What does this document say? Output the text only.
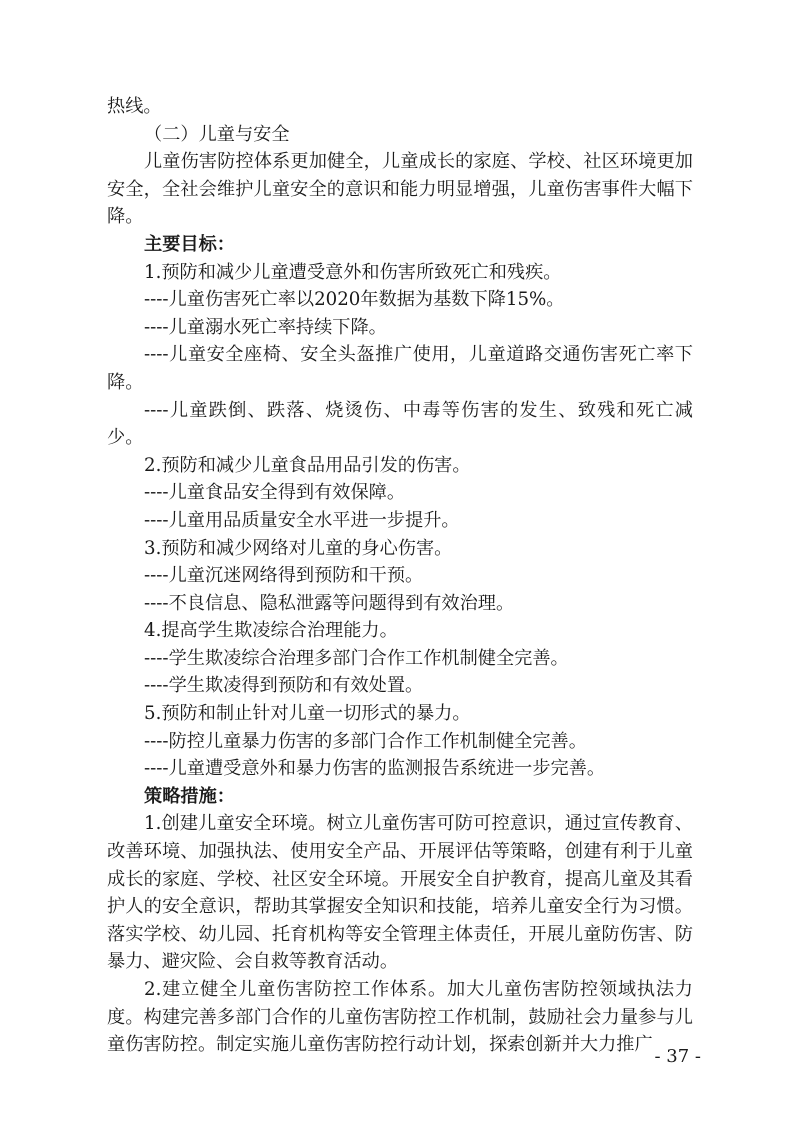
热线。

（二）儿童与安全

儿童伤害防控体系更加健全，儿童成长的家庭、学校、社区环境更加安全，全社会维护儿童安全的意识和能力明显增强，儿童伤害事件大幅下降。

主要目标：

1.预防和减少儿童遭受意外和伤害所致死亡和残疾。

----儿童伤害死亡率以2020年数据为基数下降15%。

----儿童溺水死亡率持续下降。

----儿童安全座椅、安全头盔推广使用，儿童道路交通伤害死亡率下降。

----儿童跌倒、跌落、烧烫伤、中毒等伤害的发生、致残和死亡减少。

2.预防和减少儿童食品用品引发的伤害。

----儿童食品安全得到有效保障。

----儿童用品质量安全水平进一步提升。

3.预防和减少网络对儿童的身心伤害。

----儿童沉迷网络得到预防和干预。

----不良信息、隐私泄露等问题得到有效治理。

4.提高学生欺凌综合治理能力。

----学生欺凌综合治理多部门合作工作机制健全完善。

----学生欺凌得到预防和有效处置。

5.预防和制止针对儿童一切形式的暴力。

----防控儿童暴力伤害的多部门合作工作机制健全完善。

----儿童遭受意外和暴力伤害的监测报告系统进一步完善。

策略措施：

1.创建儿童安全环境。树立儿童伤害可防可控意识，通过宣传教育、改善环境、加强执法、使用安全产品、开展评估等策略，创建有利于儿童成长的家庭、学校、社区安全环境。开展安全自护教育，提高儿童及其看护人的安全意识，帮助其掌握安全知识和技能，培养儿童安全行为习惯。落实学校、幼儿园、托育机构等安全管理主体责任，开展儿童防伤害、防暴力、避灾险、会自救等教育活动。

2.建立健全儿童伤害防控工作体系。加大儿童伤害防控领域执法力度。构建完善多部门合作的儿童伤害防控工作机制，鼓励社会力量参与儿童伤害防控。制定实施儿童伤害防控行动计划，探索创新并大力推广

- 37 -
